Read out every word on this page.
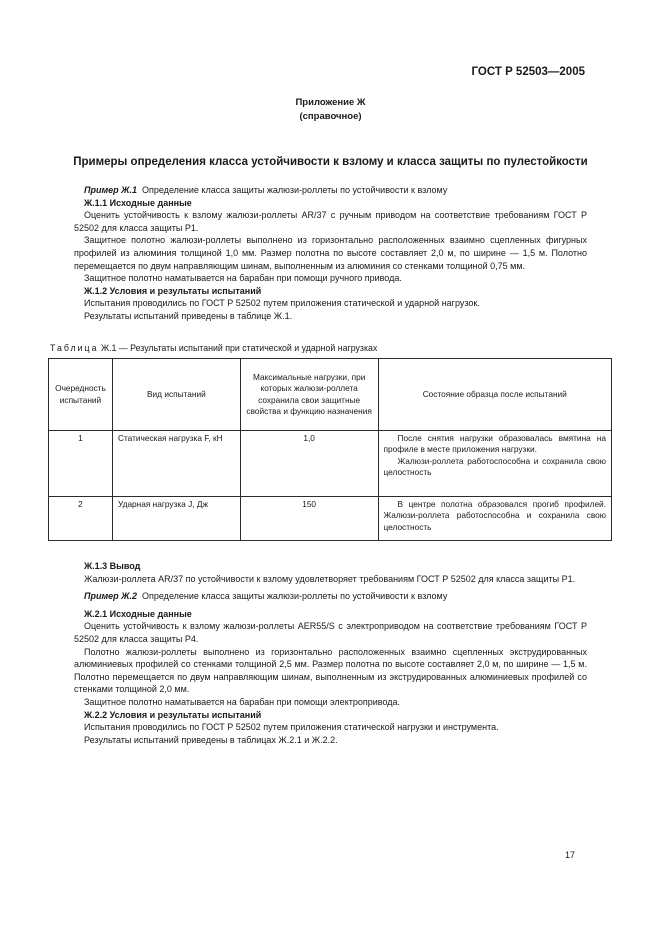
ГОСТ Р 52503—2005
Приложение Ж
(справочное)
Примеры определения класса устойчивости к взлому и класса защиты по пулестойкости

Пример Ж.1 Определение класса защиты жалюзи-роллеты по устойчивости к взлому

Ж.1.1 Исходные данные

Оценить устойчивость к взлому жалюзи-роллеты AR/37 с ручным приводом на соответствие требованиям ГОСТ Р 52502 для класса защиты Р1.

Защитное полотно жалюзи-роллеты выполнено из горизонтально расположенных взаимно сцепленных фигурных профилей из алюминия толщиной 1,0 мм. Размер полотна по высоте составляет 2,0 м, по ширине — 1,5 м. Полотно перемещается по двум направляющим шинам, выполненным из алюминия со стенками толщиной 0,75 мм.

Защитное полотно наматывается на барабан при помощи ручного привода.

Ж.1.2 Условия и результаты испытаний

Испытания проводились по ГОСТ Р 52502 путем приложения статической и ударной нагрузок.

Результаты испытаний приведены в таблице Ж.1.

Таблица Ж.1 — Результаты испытаний при статической и ударной нагрузках
Очередность испытаний	Вид испытаний	Максимальные нагрузки, при которых жалюзи-роллета сохранила свои защитные свойства и функцию назначения	Состояние образца после испытаний
1	Статическая нагрузка F, кН	1,0	После снятия нагрузки образовалась вмятина на профиле в месте приложения нагрузки.
Жалюзи-роллета работоспособна и сохранила свою целостность

2	Ударная нагрузка J, Дж	150	В центре полотна образовался прогиб профилей. Жалюзи-роллета работоспособна и сохранила свою целостность

Ж.1.3 Вывод

Жалюзи-роллета AR/37 по устойчивости к взлому удовлетворяет требованиям ГОСТ Р 52502 для класса защиты Р1.

Пример Ж.2 Определение класса защиты жалюзи-роллеты по устойчивости к взлому

Ж.2.1 Исходные данные

Оценить устойчивость к взлому жалюзи-роллеты AER55/S с электроприводом на соответствие требованиям ГОСТ Р 52502 для класса защиты Р4.

Полотно жалюзи-роллеты выполнено из горизонтально расположенных взаимно сцепленных экструдированных алюминиевых профилей со стенками толщиной 2,5 мм. Размер полотна по высоте составляет 2,0 м, по ширине — 1,5 м. Полотно перемещается по двум направляющим шинам, выполненным из экструдированных алюминиевых профилей со стенками толщиной 2,0 мм.

Защитное полотно наматывается на барабан при помощи электропривода.

Ж.2.2 Условия и результаты испытаний

Испытания проводились по ГОСТ Р 52502 путем приложения статической нагрузки и инструмента.

Результаты испытаний приведены в таблицах Ж.2.1 и Ж.2.2.

17
